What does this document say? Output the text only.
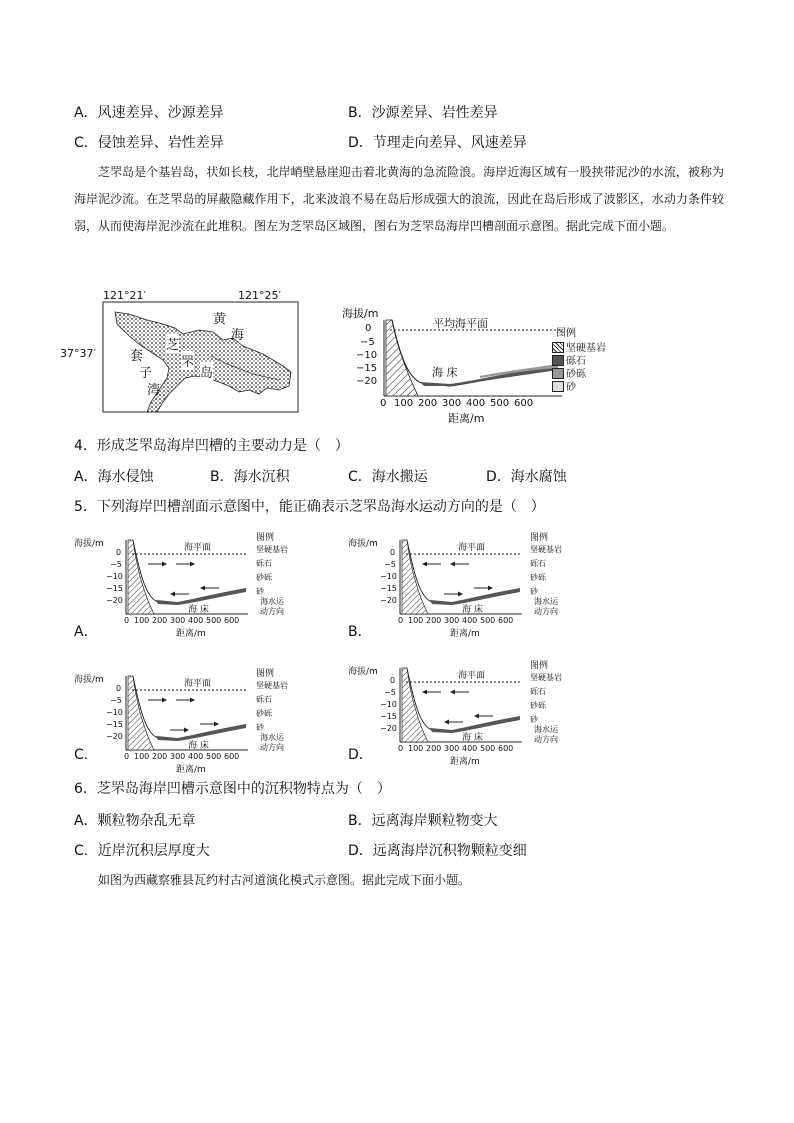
A．风速差异、沙源差异	B．沙源差异、岩性差异
C．侵蚀差异、岩性差异	D．节理走向差异、风速差异
芝罘岛是个基岩岛，状如长枝，北岸峭壁悬崖迎击着北黄海的急流险浪。海岸近海区域有一股挟带泥沙的水流，被称为海岸泥沙流。在芝罘岛的屏蔽隐藏作用下，北来波浪不易在岛后形成强大的浪流，因此在岛后形成了波影区，水动力条件较弱，从而使海岸泥沙流在此堆积。图左为芝罘岛区域图，图右为芝罘岛海岸凹槽剖面示意图。据此完成下面小题。
121°21′	121°25′
37°37′
黄
海
套
子
湾
芝
罘
岛
海拔/m
平均海平面
0
−5
−10
−15
−20
海 床
0 100 200 300 400 500 600
距离/m
图例
坚硬基岩
砾石
砂砾
砂
4．形成芝罘岛海岸凹槽的主要动力是（　）
A．海水侵蚀	B．海水沉积	C．海水搬运	D．海水腐蚀
5．下列海岸凹槽剖面示意图中，能正确表示芝罘岛海水运动方向的是（　）
海拔/m	海平面
0
−5
−10
−15
−20
海 床
0 100 200 300 400 500 600
距离/m
图例
坚硬基岩
砾石
砂砾
砂
海水运
动方向
海拔/m	海平面
0
−5
−10
−15
−20
海 床
0 100 200 300 400 500 600
距离/m
图例
坚硬基岩
砾石
砂砾
砂
海水运
动方向
海拔/m	海平面
0
−5
−10
−15
−20
海 床
0 100 200 300 400 500 600
距离/m
图例
坚硬基岩
砾石
砂砾
砂
海水运
动方向
海拔/m	海平面
0
−5
−10
−15
−20
海 床
0 100 200 300 400 500 600
距离/m
图例
坚硬基岩
砾石
砂砾
砂
海水运
动方向
A．	B．
C．	D．
6．芝罘岛海岸凹槽示意图中的沉积物特点为（　）
A．颗粒物杂乱无章	B．远离海岸颗粒物变大
C．近岸沉积层厚度大	D．远离海岸沉积物颗粒变细
如图为西藏察雅县瓦约村古河道演化模式示意图。据此完成下面小题。
